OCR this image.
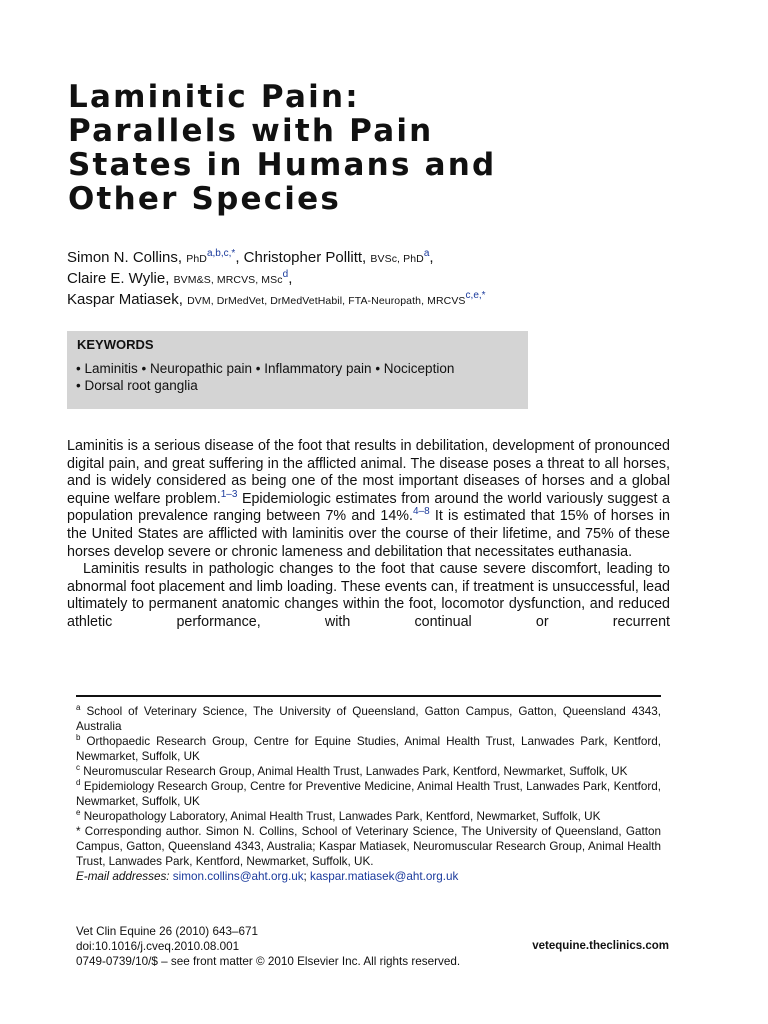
Laminitic Pain:
Parallels with Pain
States in Humans and
Other Species
Simon N. Collins, PhD$^{a,b,c,*}$, Christopher Pollitt, BVSc, PhD$^a$,
Claire E. Wylie, BVM&S, MRCVS, MSc$^d$,
Kaspar Matiasek, DVM, DrMedVet, DrMedVetHabil, FTA-Neuropath, $MRCVS^{c,e,*}$
KEYWORDS
• Laminitis • Neuropathic pain • Inflammatory pain • Nociception
• Dorsal root ganglia

Laminitis is a serious disease of the foot that results in debilitation, development of pronounced digital pain, and great suffering in the afflicted animal. The disease poses a threat to all horses, and is widely considered as being one of the most important diseases of horses and a global equine welfare problem.$^{1-3}$ Epidemiologic estimates from around the world variously suggest a population prevalence ranging between 7% and 14%.$^{4-8}$ It is estimated that 15% of horses in the United States are afflicted with laminitis over the course of their lifetime, and 75% of these horses develop severe or chronic lameness and debilitation that necessitates euthanasia.

Laminitis results in pathologic changes to the foot that cause severe discomfort, leading to abnormal foot placement and limb loading. These events can, if treatment is unsuccessful, lead ultimately to permanent anatomic changes within the foot, locomotor dysfunction, and reduced athletic performance, with continual or recurrent

$^a$ School of Veterinary Science, The University of Queensland, Gatton Campus, Gatton, Queensland 4343, Australia

$^b$ Orthopaedic Research Group, Centre for Equine Studies, Animal Health Trust, Lanwades Park, Kentford, Newmarket, Suffolk, UK

$^c$ Neuromuscular Research Group, Animal Health Trust, Lanwades Park, Kentford, Newmarket, Suffolk, UK

$^d$ Epidemiology Research Group, Centre for Preventive Medicine, Animal Health Trust, Lanwades Park, Kentford, Newmarket, Suffolk, UK

$^e$ Neuropathology Laboratory, Animal Health Trust, Lanwades Park, Kentford, Newmarket, Suffolk, UK

* Corresponding author. Simon N. Collins, School of Veterinary Science, The University of Queensland, Gatton Campus, Gatton, Queensland 4343, Australia; Kaspar Matiasek, Neuromuscular Research Group, Animal Health Trust, Lanwades Park, Kentford, Newmarket, Suffolk, UK.

E-mail addresses: simon.collins@aht.org.uk; kaspar.matiasek@aht.org.uk

Vet Clin Equine 26 (2010) 643–671
doi:10.1016/j.cveq.2010.08.001	vetequine.theclinics.com
0749-0739/10/$ – see front matter © 2010 Elsevier Inc. All rights reserved.
